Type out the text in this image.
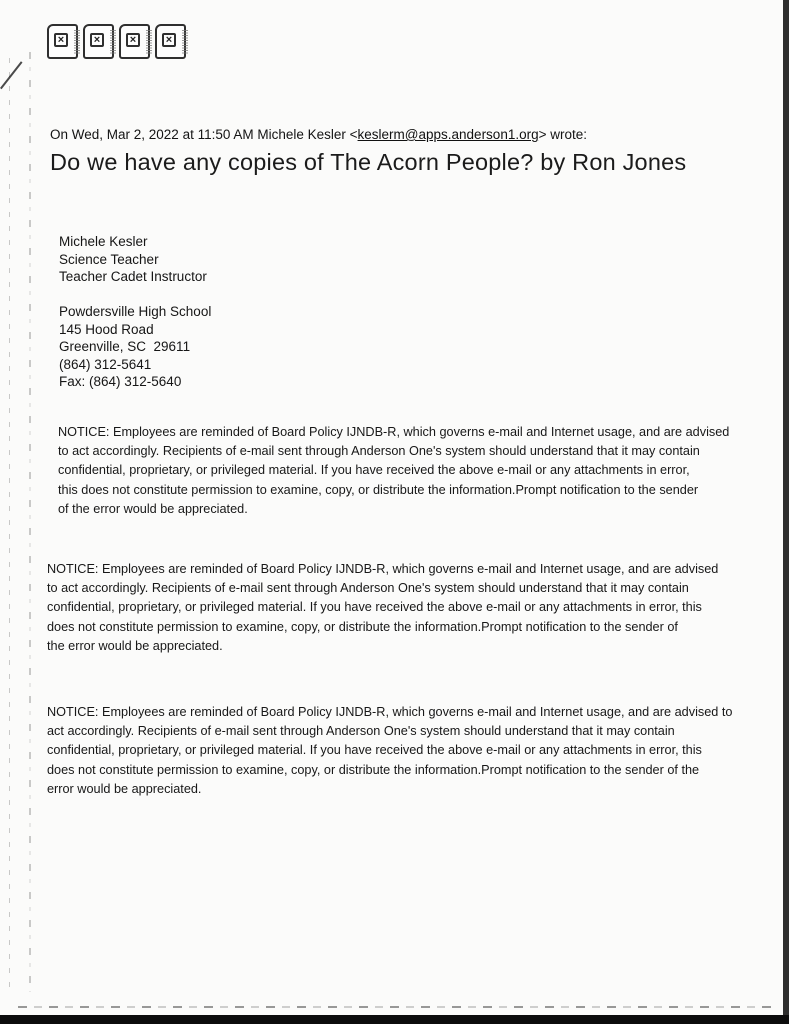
×	×	×	×
On Wed, Mar 2, 2022 at 11:50 AM Michele Kesler <keslerm@apps.anderson1.org> wrote:
Do we have any copies of The Acorn People? by Ron Jones
Michele Kesler
Science Teacher
Teacher Cadet Instructor
Powdersville High School
145 Hood Road
Greenville, SC  29611
(864) 312-5641
Fax: (864) 312-5640
NOTICE: Employees are reminded of Board Policy IJNDB-R, which governs e-mail and Internet usage, and are advised
to act accordingly. Recipients of e-mail sent through Anderson One's system should understand that it may contain
confidential, proprietary, or privileged material. If you have received the above e-mail or any attachments in error,
this does not constitute permission to examine, copy, or distribute the information.Prompt notification to the sender
of the error would be appreciated.
NOTICE: Employees are reminded of Board Policy IJNDB-R, which governs e-mail and Internet usage, and are advised
to act accordingly. Recipients of e-mail sent through Anderson One's system should understand that it may contain
confidential, proprietary, or privileged material. If you have received the above e-mail or any attachments in error, this
does not constitute permission to examine, copy, or distribute the information.Prompt notification to the sender of
the error would be appreciated.
NOTICE: Employees are reminded of Board Policy IJNDB-R, which governs e-mail and Internet usage, and are advised to
act accordingly. Recipients of e-mail sent through Anderson One's system should understand that it may contain
confidential, proprietary, or privileged material. If you have received the above e-mail or any attachments in error, this
does not constitute permission to examine, copy, or distribute the information.Prompt notification to the sender of the
error would be appreciated.
